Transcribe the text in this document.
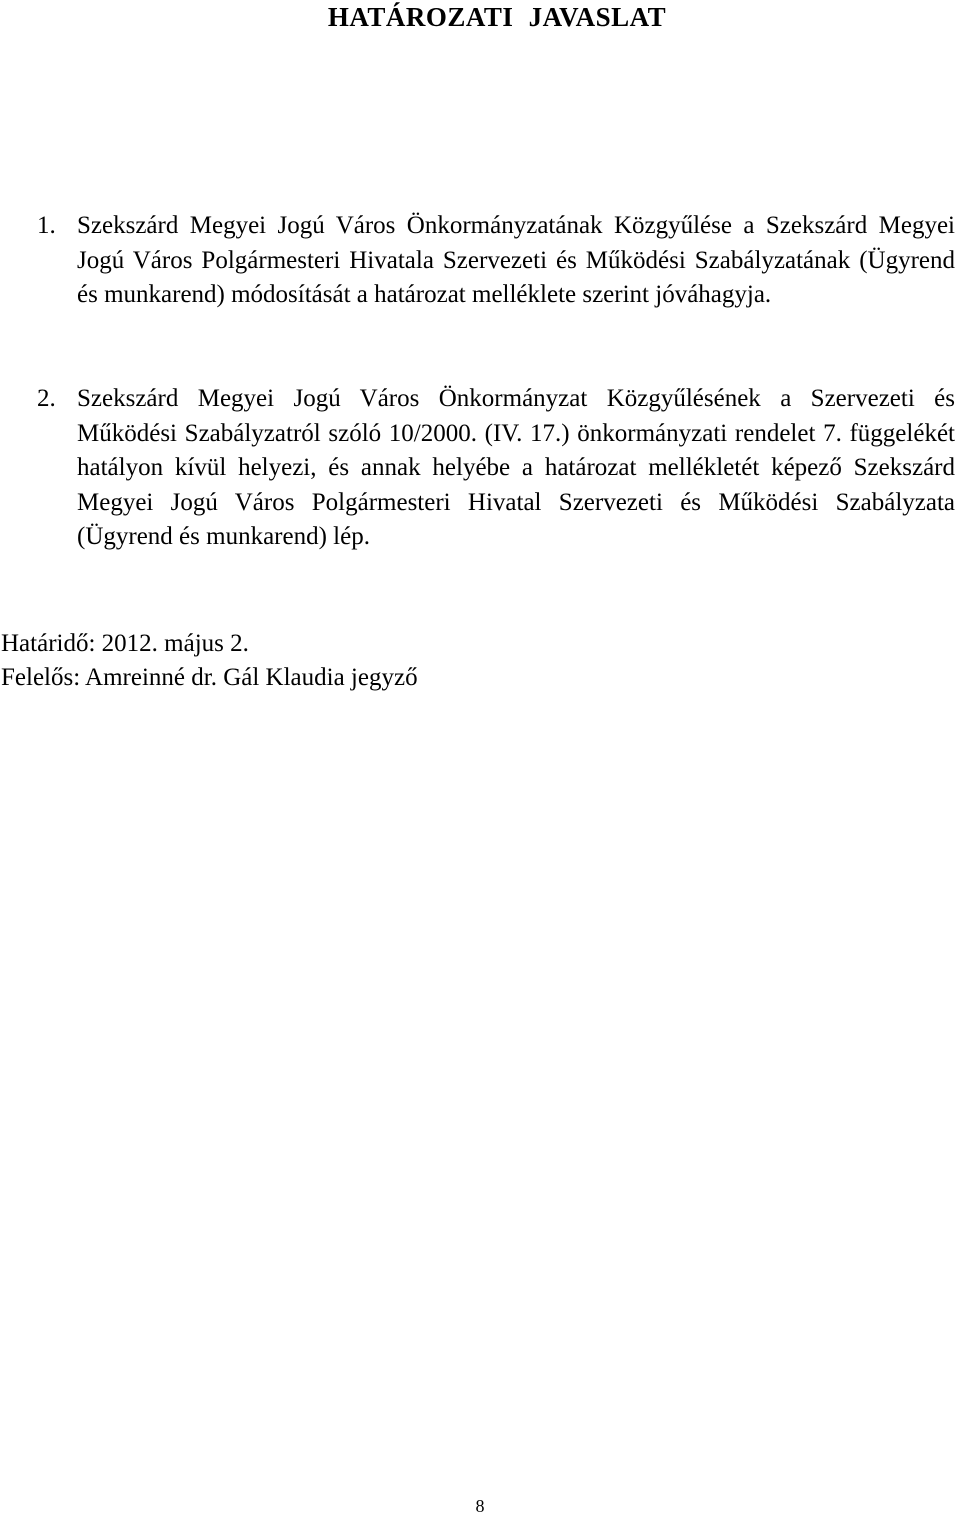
HATÁROZATI JAVASLAT

1. Szekszárd Megyei Jogú Város Önkormányzatának Közgyűlése a Szekszárd Megyei Jogú Város Polgármesteri Hivatala Szervezeti és Működési Szabályzatának (Ügyrend és munkarend) módosítását a határozat melléklete szerint jóváhagyja.

2. Szekszárd Megyei Jogú Város Önkormányzat Közgyűlésének a Szervezeti és Működési Szabályzatról szóló 10/2000. (IV. 17.) önkormányzati rendelet 7. függelékét hatályon kívül helyezi, és annak helyébe a határozat mellékletét képező Szekszárd Megyei Jogú Város Polgármesteri Hivatal Szervezeti és Működési Szabályzata (Ügyrend és munkarend) lép.

Határidő: 2012. május 2.

Felelős: Amreinné dr. Gál Klaudia jegyző

8
